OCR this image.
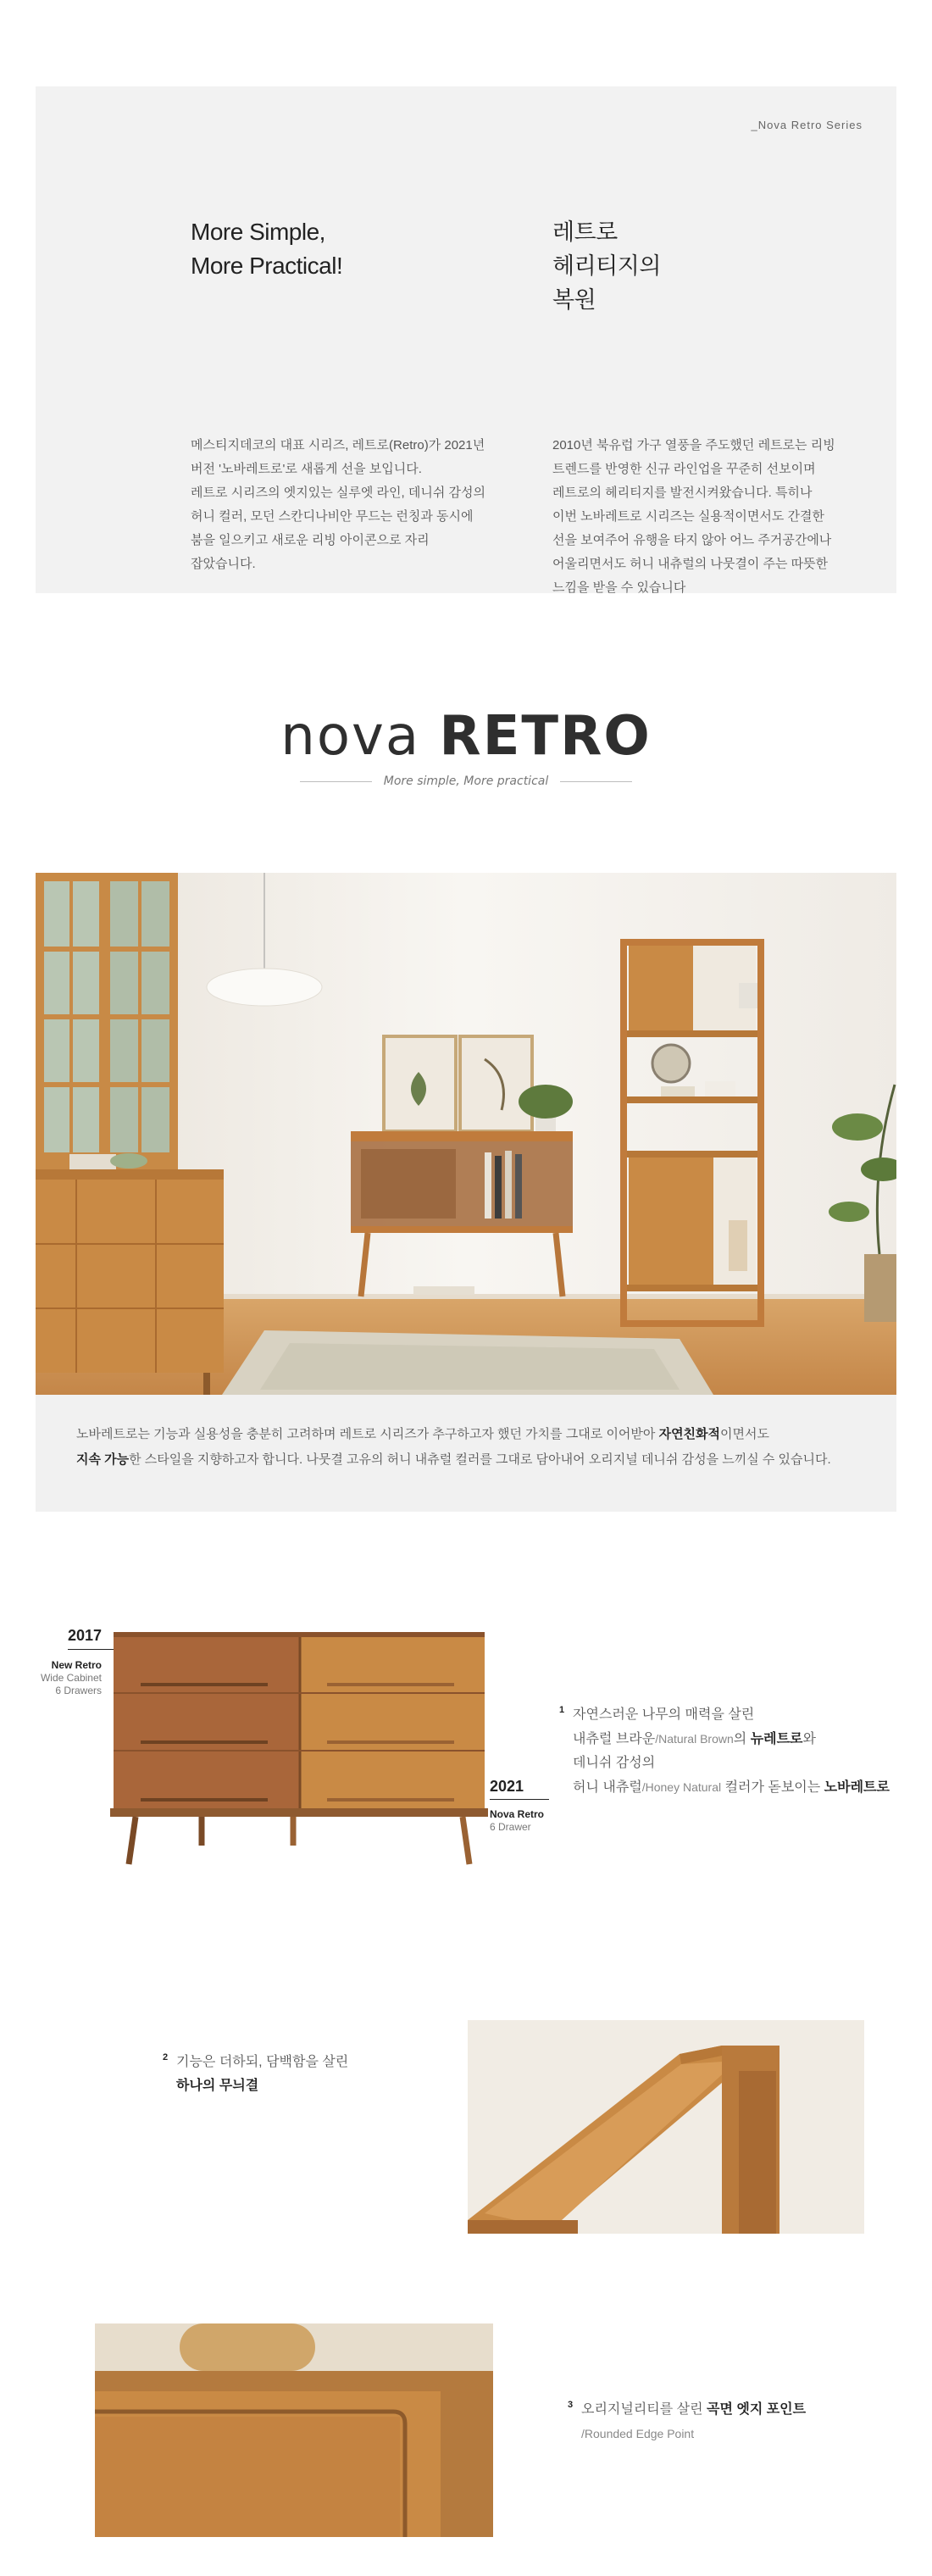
_Nova Retro Series
More Simple,
More Practical!
메스티지데코의 대표 시리즈, 레트로(Retro)가 2021년
버전 '노바레트로'로 새롭게 선을 보입니다.
레트로 시리즈의 엣지있는 실루엣 라인, 데니쉬 감성의
허니 컬러, 모던 스칸디나비안 무드는 런칭과 동시에
붐을 일으키고 새로운 리빙 아이콘으로 자리
잡았습니다.
레트로
헤리티지의
복원
2010년 북유럽 가구 열풍을 주도했던 레트로는 리빙
트렌드를 반영한 신규 라인업을 꾸준히 선보이며
레트로의 헤리티지를 발전시켜왔습니다. 특히나
이번 노바레트로 시리즈는 실용적이면서도 간결한
선을 보여주어 유행을 타지 않아 어느 주거공간에나
어울리면서도 허니 내츄럴의 나뭇결이 주는 따뜻한
느낌을 받을 수 있습니다
nova RETRO
More simple, More practical
노바레트로는 기능과 실용성을 충분히 고려하며 레트로 시리즈가 추구하고자 했던 가치를 그대로 이어받아 자연친화적이면서도
지속 가능한 스타일을 지향하고자 합니다. 나뭇결 고유의 허니 내츄럴 컬러를 그대로 담아내어 오리지널 데니쉬 감성을 느끼실 수 있습니다.
2017
New Retro
Wide Cabinet
6 Drawers
2021
Nova Retro
6 Drawer
1 자연스러운 나무의 매력을 살린
내츄럴 브라운/Natural Brown의 뉴레트로와
데니쉬 감성의
허니 내츄럴/Honey Natural 컬러가 돋보이는 노바레트로
2 기능은 더하되, 담백함을 살린
하나의 무늬결
3 오리지널리티를 살린 곡면 엣지 포인트
/Rounded Edge Point
